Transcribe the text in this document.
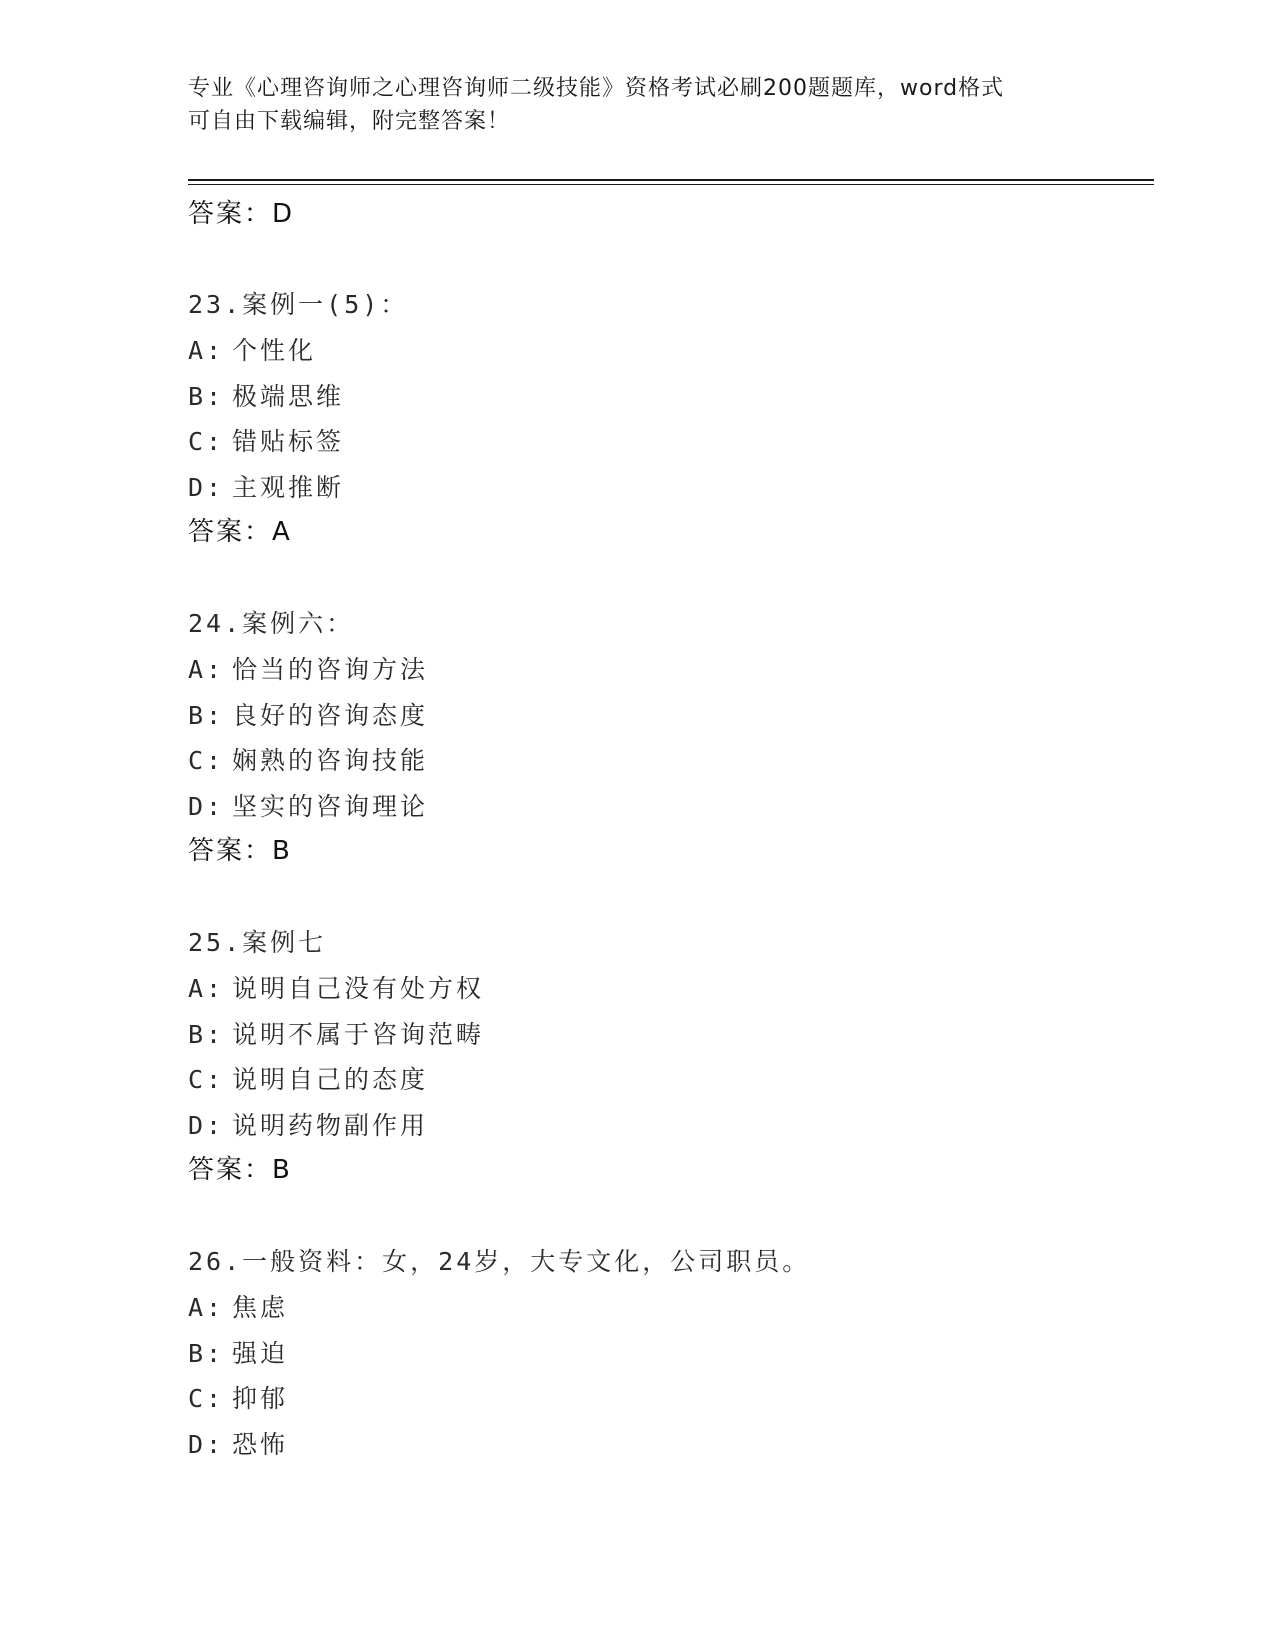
专业《心理咨询师之心理咨询师二级技能》资格考试必刷200题题库，word格式
可自由下载编辑，附完整答案！
答案：D
23.案例一(5)：
A: 个性化
B: 极端思维
C: 错贴标签
D: 主观推断
答案：A
24.案例六：
A: 恰当的咨询方法
B: 良好的咨询态度
C: 娴熟的咨询技能
D: 坚实的咨询理论
答案：B
25.案例七
A: 说明自己没有处方权
B: 说明不属于咨询范畴
C: 说明自己的态度
D: 说明药物副作用
答案：B
26.一般资料：女，24岁，大专文化，公司职员。
A: 焦虑
B: 强迫
C: 抑郁
D: 恐怖
